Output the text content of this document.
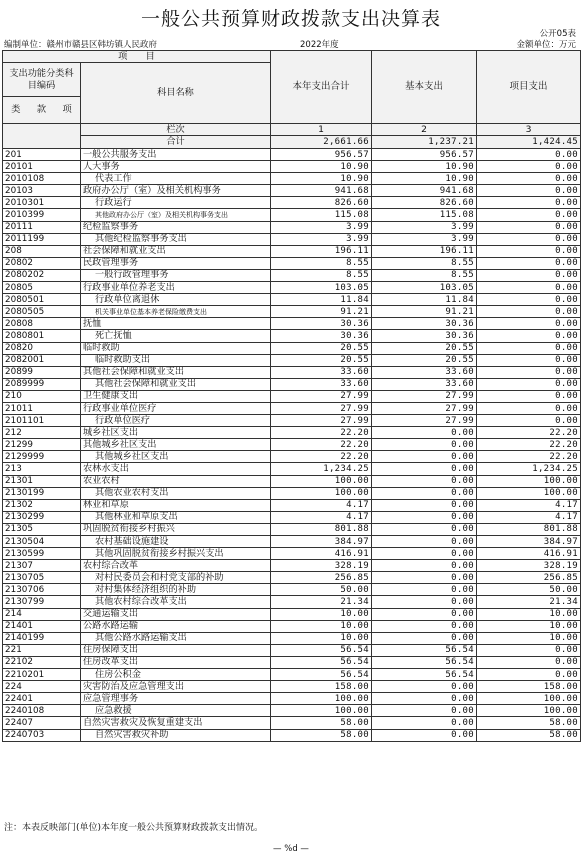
一般公共预算财政拨款支出决算表
公开05表
编制单位：赣州市赣县区韩坊镇人民政府	2022年度	金额单位：万元
项　　目		本年支出合计	基本支出	项目支出
支出功能分类科目编码	科目名称			

类 款 项				

	栏次	1	2	3
	合计	2,661.66	1,237.21	1,424.45
201	一般公共服务支出	956.57	956.57	0.00
20101	人大事务	10.90	10.90	0.00
2010108	代表工作	10.90	10.90	0.00
20103	政府办公厅（室）及相关机构事务	941.68	941.68	0.00
2010301	行政运行	826.60	826.60	0.00
2010399	其他政府办公厅（室）及相关机构事务支出	115.08	115.08	0.00
20111	纪检监察事务	3.99	3.99	0.00
2011199	其他纪检监察事务支出	3.99	3.99	0.00
208	社会保障和就业支出	196.11	196.11	0.00
20802	民政管理事务	8.55	8.55	0.00
2080202	一般行政管理事务	8.55	8.55	0.00
20805	行政事业单位养老支出	103.05	103.05	0.00
2080501	行政单位离退休	11.84	11.84	0.00
2080505	机关事业单位基本养老保险缴费支出	91.21	91.21	0.00
20808	抚恤	30.36	30.36	0.00
2080801	死亡抚恤	30.36	30.36	0.00
20820	临时救助	20.55	20.55	0.00
2082001	临时救助支出	20.55	20.55	0.00
20899	其他社会保障和就业支出	33.60	33.60	0.00
2089999	其他社会保障和就业支出	33.60	33.60	0.00
210	卫生健康支出	27.99	27.99	0.00
21011	行政事业单位医疗	27.99	27.99	0.00
2101101	行政单位医疗	27.99	27.99	0.00
212	城乡社区支出	22.20	0.00	22.20
21299	其他城乡社区支出	22.20	0.00	22.20
2129999	其他城乡社区支出	22.20	0.00	22.20
213	农林水支出	1,234.25	0.00	1,234.25
21301	农业农村	100.00	0.00	100.00
2130199	其他农业农村支出	100.00	0.00	100.00
21302	林业和草原	4.17	0.00	4.17
2130299	其他林业和草原支出	4.17	0.00	4.17
21305	巩固脱贫衔接乡村振兴	801.88	0.00	801.88
2130504	农村基础设施建设	384.97	0.00	384.97
2130599	其他巩固脱贫衔接乡村振兴支出	416.91	0.00	416.91
21307	农村综合改革	328.19	0.00	328.19
2130705	对村民委员会和村党支部的补助	256.85	0.00	256.85
2130706	对村集体经济组织的补助	50.00	0.00	50.00
2130799	其他农村综合改革支出	21.34	0.00	21.34
214	交通运输支出	10.00	0.00	10.00
21401	公路水路运输	10.00	0.00	10.00
2140199	其他公路水路运输支出	10.00	0.00	10.00
221	住房保障支出	56.54	56.54	0.00
22102	住房改革支出	56.54	56.54	0.00
2210201	住房公积金	56.54	56.54	0.00
224	灾害防治及应急管理支出	158.00	0.00	158.00
22401	应急管理事务	100.00	0.00	100.00
2240108	应急救援	100.00	0.00	100.00
22407	自然灾害救灾及恢复重建支出	58.00	0.00	58.00
2240703	自然灾害救灾补助	58.00	0.00	58.00
注：本表反映部门(单位)本年度一般公共预算财政拨款支出情况。
— %d —
